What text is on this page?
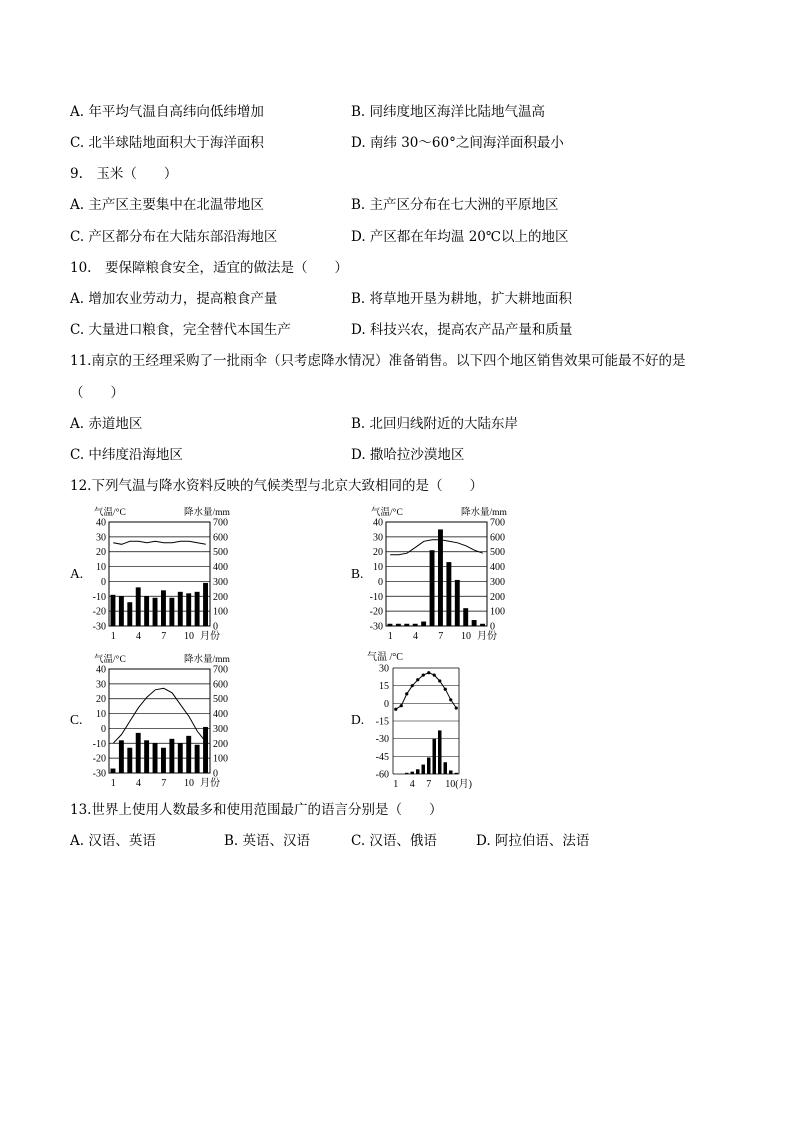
A. 年平均气温自高纬向低纬增加	B. 同纬度地区海洋比陆地气温高
C. 北半球陆地面积大于海洋面积	D. 南纬 30～60°之间海洋面积最小
9.　玉米（　　）
A. 主产区主要集中在北温带地区	B. 主产区分布在七大洲的平原地区
C. 产区都分布在大陆东部沿海地区	D. 产区都在年均温 20℃以上的地区
10.　要保障粮食安全，适宜的做法是（　　）
A. 增加农业劳动力，提高粮食产量	B. 将草地开垦为耕地，扩大耕地面积
C. 大量进口粮食，完全替代本国生产	D. 科技兴农，提高农产品产量和质量
11.南京的王经理采购了一批雨伞（只考虑降水情况）准备销售。以下四个地区销售效果可能最不好的是
（　　）
A. 赤道地区	B. 北回归线附近的大陆东岸
C. 中纬度沿海地区	D. 撒哈拉沙漠地区
12.下列气温与降水资料反映的气候类型与北京大致相同的是（　　）
A.	B.
C.	D.
气温/°C	降水量/mm
40	700
30	600
20	500
10	400
0	300
-10	200
-20	100
-30	0
1 4 7 10 月份
气温/°C	降水量/mm
40	700
30	600
20	500
10	400
0	300
-10	200
-20	100
-30	0
1 4 7 10 月份
气温/°C	降水量/mm
40	700
30	600
20	500
10	400
0	300
-10	200
-20	100
-30	0
1 4 7 10 月份
气温 /°C
30
15
0
-15
-30
-45
-60
1 4 7 10(月)
13.世界上使用人数最多和使用范围最广的语言分别是（　　）
A. 汉语、英语	B. 英语、汉语	C. 汉语、俄语	D. 阿拉伯语、法语
